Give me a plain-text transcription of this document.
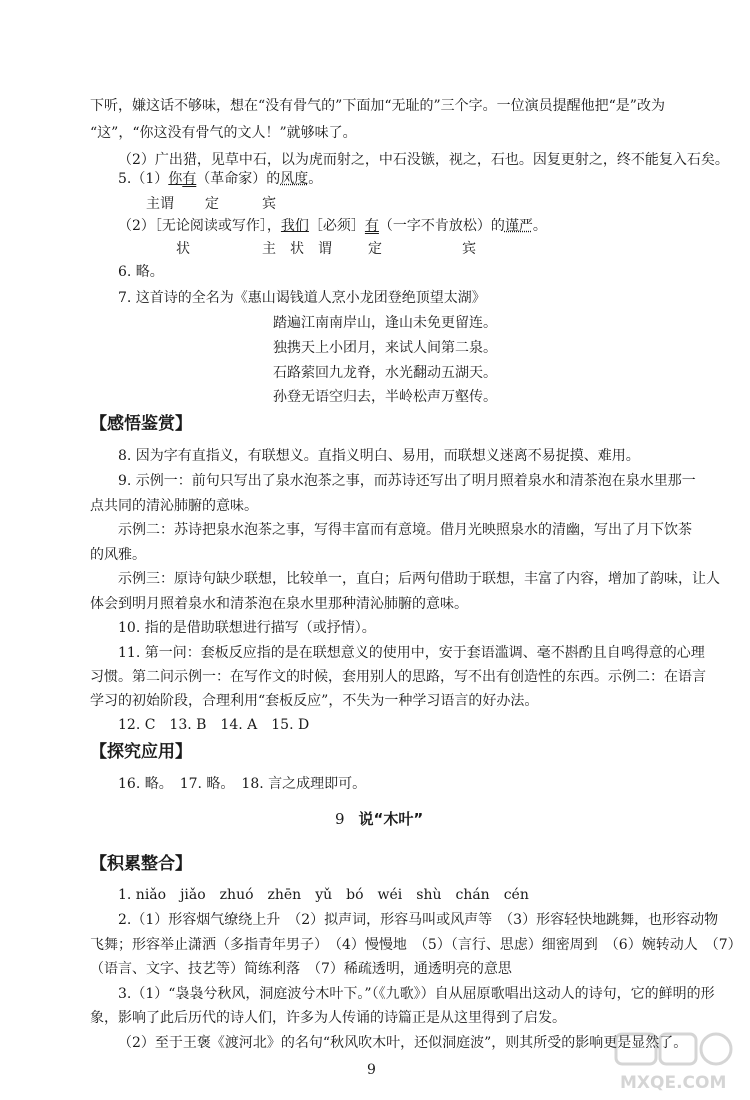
下听，嫌这话不够味，想在“没有骨气的”下面加“无耻的”三个字。一位演员提醒他把“是”改为
“这”，“你这没有骨气的文人！”就够味了。
（2）广出猎，见草中石，以为虎而射之，中石没镞，视之，石也。因复更射之，终不能复入石矣。
5.（1）你有（革命家）的风度。
主谓 定	宾
（2）［无论阅读或写作］，我们［必须］有（一字不肯放松）的谨严。
状	主 状 谓	定	宾
6. 略。
7. 这首诗的全名为《惠山谒钱道人烹小龙团登绝顶望太湖》
踏遍江南南岸山，逢山未免更留连。
独携天上小团月，来试人间第二泉。
石路萦回九龙脊，水光翻动五湖天。
孙登无语空归去，半岭松声万壑传。
【感悟鉴赏】
8. 因为字有直指义，有联想义。直指义明白、易用，而联想义迷离不易捉摸、难用。
9. 示例一：前句只写出了泉水泡茶之事，而苏诗还写出了明月照着泉水和清茶泡在泉水里那一
点共同的清沁肺腑的意味。
示例二：苏诗把泉水泡茶之事，写得丰富而有意境。借月光映照泉水的清幽，写出了月下饮茶
的风雅。
示例三：原诗句缺少联想，比较单一，直白；后两句借助于联想，丰富了内容，增加了韵味，让人
体会到明月照着泉水和清茶泡在泉水里那种清沁肺腑的意味。
10. 指的是借助联想进行描写（或抒情）。
11. 第一问：套板反应指的是在联想意义的使用中，安于套语滥调、毫不斟酌且自鸣得意的心理
习惯。第二问示例一：在写作文的时候，套用别人的思路，写不出有创造性的东西。示例二：在语言
学习的初始阶段，合理利用“套板反应”，不失为一种学习语言的好办法。
12. C　13. B　14. A　15. D
【探究应用】
16. 略。　17. 略。　18. 言之成理即可。
9 说“木叶”
【积累整合】
1. niǎo　jiǎo　zhuó　zhēn　yǔ　bó　wéi　shù　chán　cén
2.（1）形容烟气缭绕上升　（2）拟声词，形容马叫或风声等　（3）形容轻快地跳舞，也形容动物
飞舞；形容举止潇洒（多指青年男子）　（4）慢慢地　（5）（言行、思虑）细密周到　（6）婉转动人　（7）
（语言、文字、技艺等）简练利落　（7）稀疏透明，通透明亮的意思
3.（1）“袅袅兮秋风，洞庭波兮木叶下。”（《九歌》）自从屈原歌唱出这动人的诗句，它的鲜明的形
象，影响了此后历代的诗人们，许多为人传诵的诗篇正是从这里得到了启发。
（2）至于王褒《渡河北》的名句“秋风吹木叶，还似洞庭波”，则其所受的影响更是显然了。
9
MXQE.COM
